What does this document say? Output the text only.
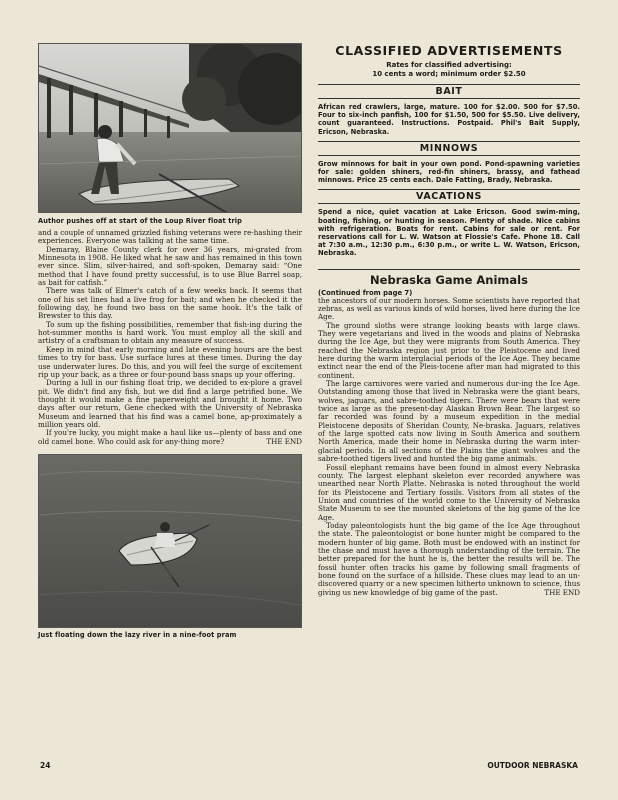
Author pushes off at start of the Loup River float trip

and a couple of unnamed grizzled fishing veterans were re-hashing their experiences. Everyone was talking at the same time.

Demaray, Blaine County clerk for over 36 years, mi-grated from Minnesota in 1908. He liked what he saw and has remained in this town ever since. Slim, silver-haired, and soft-spoken, Demaray said: “One method that I have found pretty successful, is to use Blue Barrel soap, as bait for catfish.”

There was talk of Elmer's catch of a few weeks back. It seems that one of his set lines had a live frog for bait; and when he checked it the following day, he found two bass on the same hook. It's the talk of Brewster to this day.

To sum up the fishing possibilities, remember that fish-ing during the hot-summer months is hard work. You must employ all the skill and artistry of a craftsman to obtain any measure of success.

Keep in mind that early morning and late evening hours are the best times to try for bass. Use surface lures at these times. During the day use underwater lures. Do this, and you will feel the surge of excitement rip up your back, as a three or four-pound bass snaps up your offering.

During a lull in our fishing float trip, we decided to ex-plore a gravel pit. We didn't find any fish, but we did find a large petrified bone. We thought it would make a fine paperweight and brought it home. Two days after our return, Gene checked with the University of Nebraska Museum and learned that his find was a camel bone, ap-proximately a million years old.

If you're lucky, you might make a haul like us—plenty of bass and one old camel bone. Who could ask for any-thing more?	THE END
Just floating down the lazy river in a nine-foot pram
CLASSIFIED ADVERTISEMENTS
Rates for classified advertising:
10 cents a word; minimum order $2.50
BAIT
African red crawlers, large, mature. 100 for $2.00. 500 for $7.50. Four to six-inch panfish, 100 for $1.50, 500 for $5.50. Live delivery, count guaranteed. Instructions. Postpaid. Phil's Bait Supply, Ericson, Nebraska.
MINNOWS
Grow minnows for bait in your own pond. Pond-spawning varieties for sale: golden shiners, red-fin shiners, brassy, and fathead minnows. Price 25 cents each. Dale Fatting, Brady, Nebraska.
VACATIONS
Spend a nice, quiet vacation at Lake Ericson. Good swim-ming, boating, fishing, or hunting in season. Plenty of shade. Nice cabins with refrigeration. Boats for rent. Cabins for sale or rent. For reservations call for L. W. Watson at Flossie's Cafe. Phone 18. Call at 7:30 a.m., 12:30 p.m., 6:30 p.m., or write L. W. Watson, Ericson, Nebraska.
Nebraska Game Animals
(Continued from page 7)

the ancestors of our modern horses. Some scientists have reported that zebras, as well as various kinds of wild horses, lived here during the Ice Age.

The ground sloths were strange looking beasts with large claws. They were vegetarians and lived in the woods and plains of Nebraska during the Ice Age, but they were migrants from South America. They reached the Nebraska region just prior to the Pleistocene and lived here during the warm interglacial periods of the Ice Age. They became extinct near the end of the Pleis-tocene after man had migrated to this continent.

The large carnivores were varied and numerous dur-ing the Ice Age. Outstanding among those that lived in Nebraska were the giant bears, wolves, jaguars, and sabre-toothed tigers. There were bears that were twice as large as the present-day Alaskan Brown Bear. The largest so far recorded was found by a museum expedition in the medial Pleistocene deposits of Sheridan County, Ne-braska. Jaguars, relatives of the large spotted cats now living in South America and southern North America, made their home in Nebraska during the warm inter-glacial periods. In all sections of the Plains the giant wolves and the sabre-toothed tigers lived and hunted the big game animals.

Fossil elephant remains have been found in almost every Nebraska county. The largest elephant skeleton ever recorded anywhere was unearthed near North Platte. Nebraska is noted throughout the world for its Pleistocene and Tertiary fossils. Visitors from all states of the Union and countries of the world come to the University of Nebraska State Museum to see the mounted skeletons of the big game of the Ice Age.

Today paleontologists hunt the big game of the Ice Age throughout the state. The paleontologist or bone hunter might be compared to the modern hunter of big game. Both must be endowed with an instinct for the chase and must have a thorough understanding of the terrain. The better prepared for the hunt he is, the better the results will be. The fossil hunter often tracks his game by following small fragments of bone found on the surface of a hillside. These clues may lead to an un-discovered quarry or a new specimen hitherto unknown to science, thus giving us new knowledge of big game of the past.	THE END
24	OUTDOOR NEBRASKA
